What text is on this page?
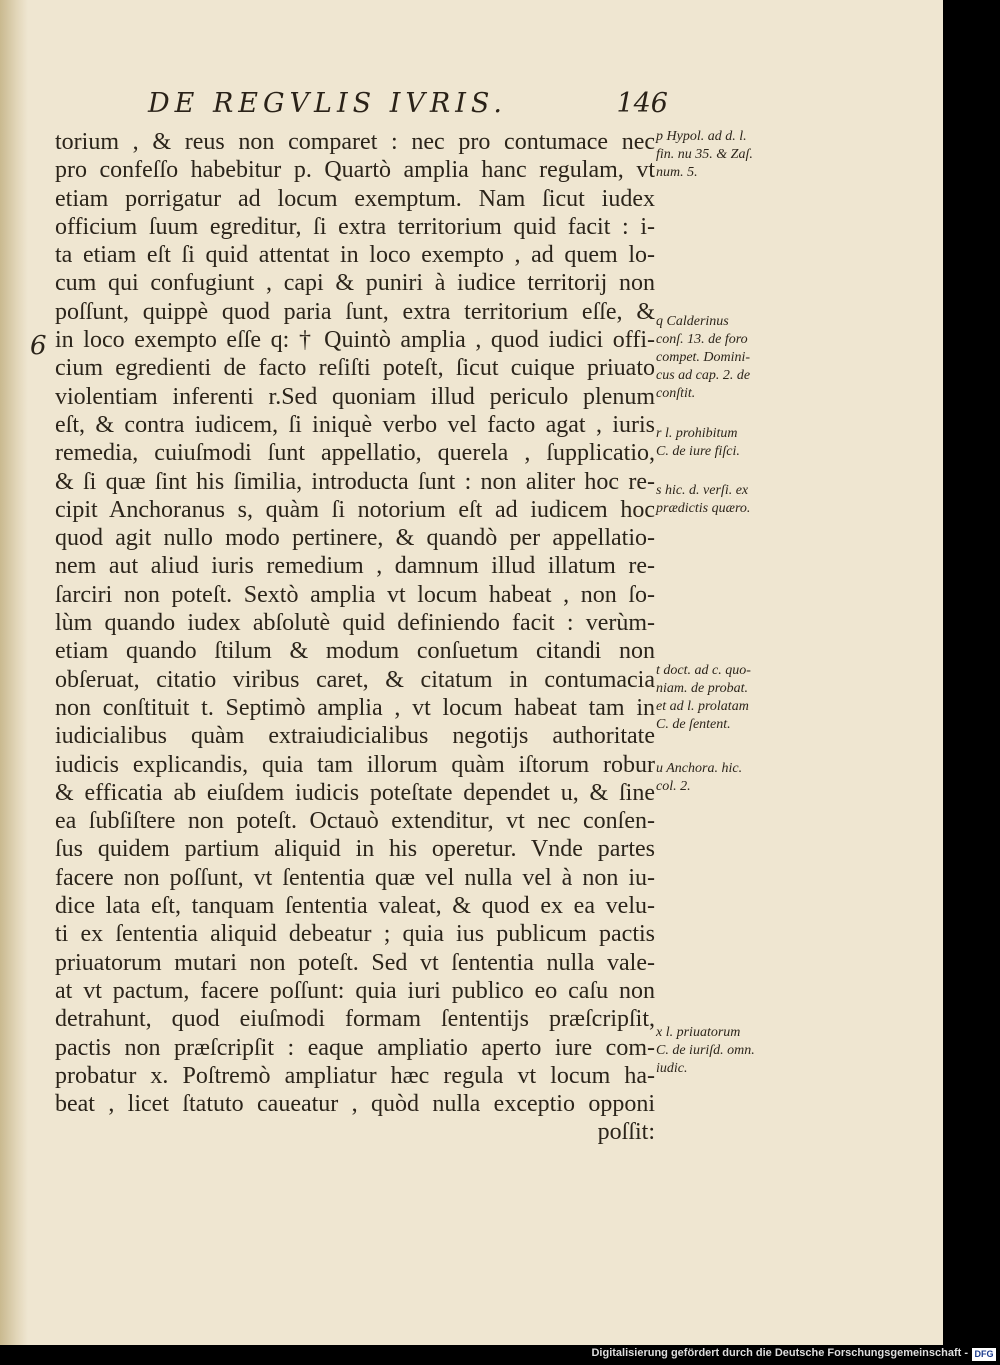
DE REGVLIS IVRIS.	146
6
torium , & reus non comparet : nec pro contumace nec
pro confeſſo habebitur p. Quartò amplia hanc regulam, vt
etiam porrigatur ad locum exemptum. Nam ſicut iudex
officium ſuum egreditur, ſi extra territorium quid facit : i-
ta etiam eſt ſi quid attentat in loco exempto , ad quem lo-
cum qui confugiunt , capi & puniri à iudice territorij non
poſſunt, quippè quod paria ſunt, extra territorium eſſe, &
in loco exempto eſſe q: † Quintò amplia , quod iudici offi-
cium egredienti de facto reſiſti poteſt, ſicut cuique priuato
violentiam inferenti r.Sed quoniam illud periculo plenum
eſt, & contra iudicem, ſi iniquè verbo vel facto agat , iuris
remedia, cuiuſmodi ſunt appellatio, querela , ſupplicatio,
& ſi quæ ſint his ſimilia, introducta ſunt : non aliter hoc re-
cipit Anchoranus s, quàm ſi notorium eſt ad iudicem hoc
quod agit nullo modo pertinere, & quandò per appellatio-
nem aut aliud iuris remedium , damnum illud illatum re-
ſarciri non poteſt. Sextò amplia vt locum habeat , non ſo-
lùm quando iudex abſolutè quid definiendo facit : verùm-
etiam quando ſtilum & modum conſuetum citandi non
obſeruat, citatio viribus caret, & citatum in contumacia
non conſtituit t. Septimò amplia , vt locum habeat tam in
iudicialibus quàm extraiudicialibus negotijs authoritate
iudicis explicandis, quia tam illorum quàm iſtorum robur
& efficatia ab eiuſdem iudicis poteſtate dependet u, & ſine
ea ſubſiſtere non poteſt. Octauò extenditur, vt nec conſen-
ſus quidem partium aliquid in his operetur. Vnde partes
facere non poſſunt, vt ſententia quæ vel nulla vel à non iu-
dice lata eſt, tanquam ſententia valeat, & quod ex ea velu-
ti ex ſententia aliquid debeatur ; quia ius publicum pactis
priuatorum mutari non poteſt. Sed vt ſententia nulla vale-
at vt pactum, facere poſſunt: quia iuri publico eo caſu non
detrahunt, quod eiuſmodi formam ſententijs præſcripſit,
pactis non præſcripſit : eaque ampliatio aperto iure com-
probatur x. Poſtremò ampliatur hæc regula vt locum ha-
beat , licet ſtatuto caueatur , quòd nulla exceptio opponi
poſſit:
p Hypol. ad d. l.
fin. nu 35. & Zaſ.
num. 5.
q Calderinus
conſ. 13. de foro
compet. Domini-
cus ad cap. 2. de
conſtit.
r l. prohibitum
C. de iure fiſci.
s hic. d. verſi. ex
prædictis quæro.
t doct. ad c. quo-
niam. de probat.
et ad l. prolatam
C. de ſentent.
u Anchora. hic.
col. 2.
x l. priuatorum
C. de iuriſd. omn.
iudic.
Digitalisierung gefördert durch die Deutsche Forschungsgemeinschaft - DFG
